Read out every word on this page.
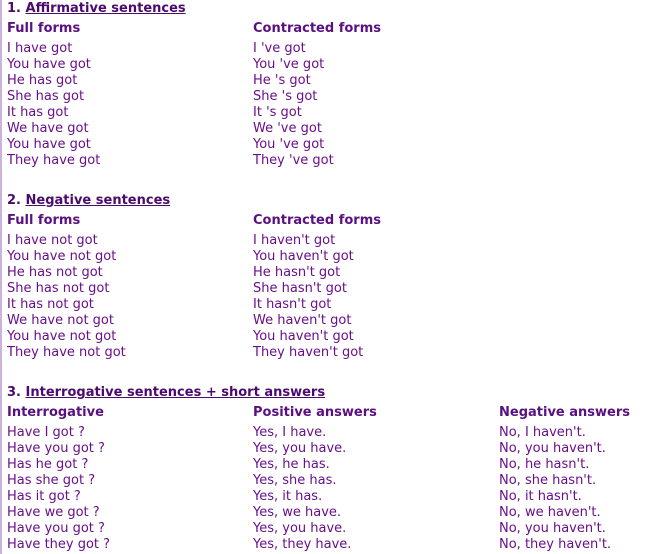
1. Affirmative sentences
Full forms	Contracted forms
I have got	I 've got
You have got	You 've got
He has got	He 's got
She has got	She 's got
It has got	It 's got
We have got	We 've got
You have got	You 've got
They have got	They 've got
2. Negative sentences
Full forms	Contracted forms
I have not got	I haven't got
You have not got	You haven't got
He has not got	He hasn't got
She has not got	She hasn't got
It has not got	It hasn't got
We have not got	We haven't got
You have not got	You haven't got
They have not got	They haven't got
3. Interrogative sentences + short answers
Interrogative	Positive answers	Negative answers
Have I got ?	Yes, I have.	No, I haven't.
Have you got ?	Yes, you have.	No, you haven't.
Has he got ?	Yes, he has.	No, he hasn't.
Has she got ?	Yes, she has.	No, she hasn't.
Has it got ?	Yes, it has.	No, it hasn't.
Have we got ?	Yes, we have.	No, we haven't.
Have you got ?	Yes, you have.	No, you haven't.
Have they got ?	Yes, they have.	No, they haven't.
